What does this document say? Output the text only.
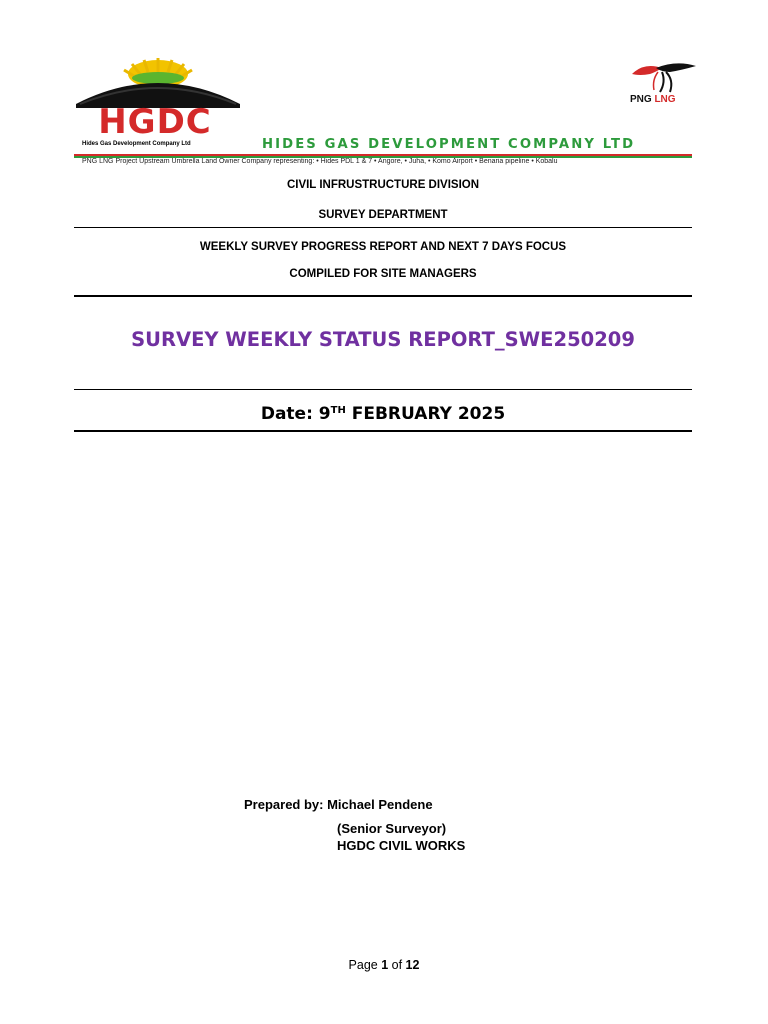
HGDC
Hides Gas Development Company Ltd	HIDES GAS DEVELOPMENT COMPANY LTD
PNG LNG Project Upstream Umbrella Land Owner Company representing: • Hides PDL 1 & 7 • Angore, • Juha, • Komo Airport • Benaria pipeline • Kobalu
PNG LNG
CIVIL INFRUSTRUCTURE DIVISION
SURVEY DEPARTMENT
WEEKLY SURVEY PROGRESS REPORT AND NEXT 7 DAYS FOCUS
COMPILED FOR SITE MANAGERS
SURVEY WEEKLY STATUS REPORT_SWE250209
Date: 9TH FEBRUARY 2025
Prepared by: Michael Pendene
(Senior Surveyor)
HGDC CIVIL WORKS
Page 1 of 12
